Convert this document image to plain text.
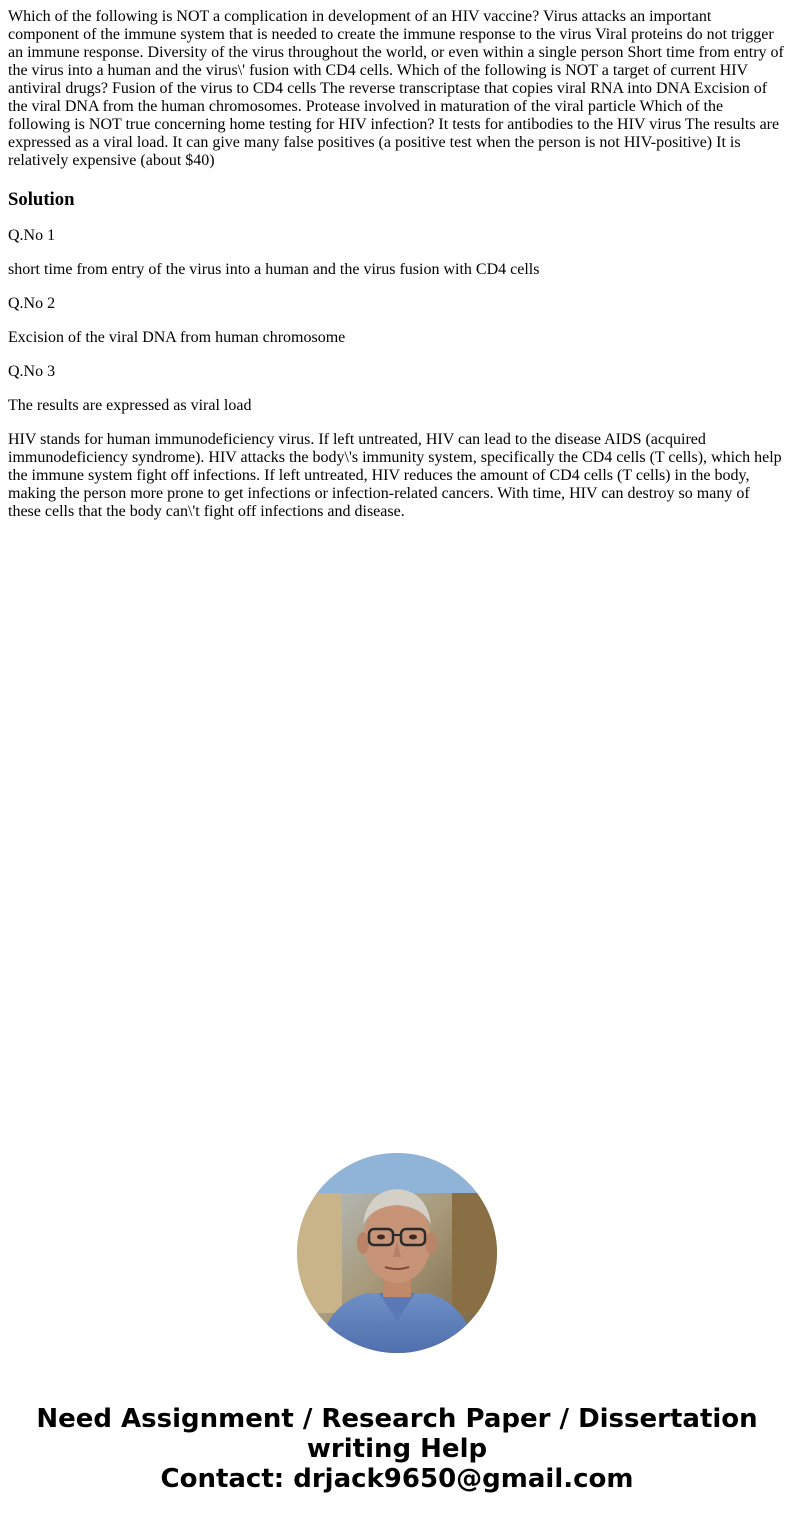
Which of the following is NOT a complication in development of an HIV vaccine? Virus attacks an important component of the immune system that is needed to create the immune response to the virus Viral proteins do not trigger an immune response. Diversity of the virus throughout the world, or even within a single person Short time from entry of the virus into a human and the virus\' fusion with CD4 cells. Which of the following is NOT a target of current HIV antiviral drugs? Fusion of the virus to CD4 cells The reverse transcriptase that copies viral RNA into DNA Excision of the viral DNA from the human chromosomes. Protease involved in maturation of the viral particle Which of the following is NOT true concerning home testing for HIV infection? It tests for antibodies to the HIV virus The results are expressed as a viral load. It can give many false positives (a positive test when the person is not HIV-positive) It is relatively expensive (about $40)

Solution

Q.No 1

short time from entry of the virus into a human and the virus fusion with CD4 cells

Q.No 2

Excision of the viral DNA from human chromosome

Q.No 3

The results are expressed as viral load

HIV stands for human immunodeficiency virus. If left untreated, HIV can lead to the disease AIDS (acquired immunodeficiency syndrome). HIV attacks the body\'s immunity system, specifically the CD4 cells (T cells), which help the immune system fight off infections. If left untreated, HIV reduces the amount of CD4 cells (T cells) in the body, making the person more prone to get infections or infection-related cancers. With time, HIV can destroy so many of these cells that the body can\'t fight off infections and disease.

Need Assignment / Research Paper / Dissertation
writing Help
Contact: drjack9650@gmail.com
